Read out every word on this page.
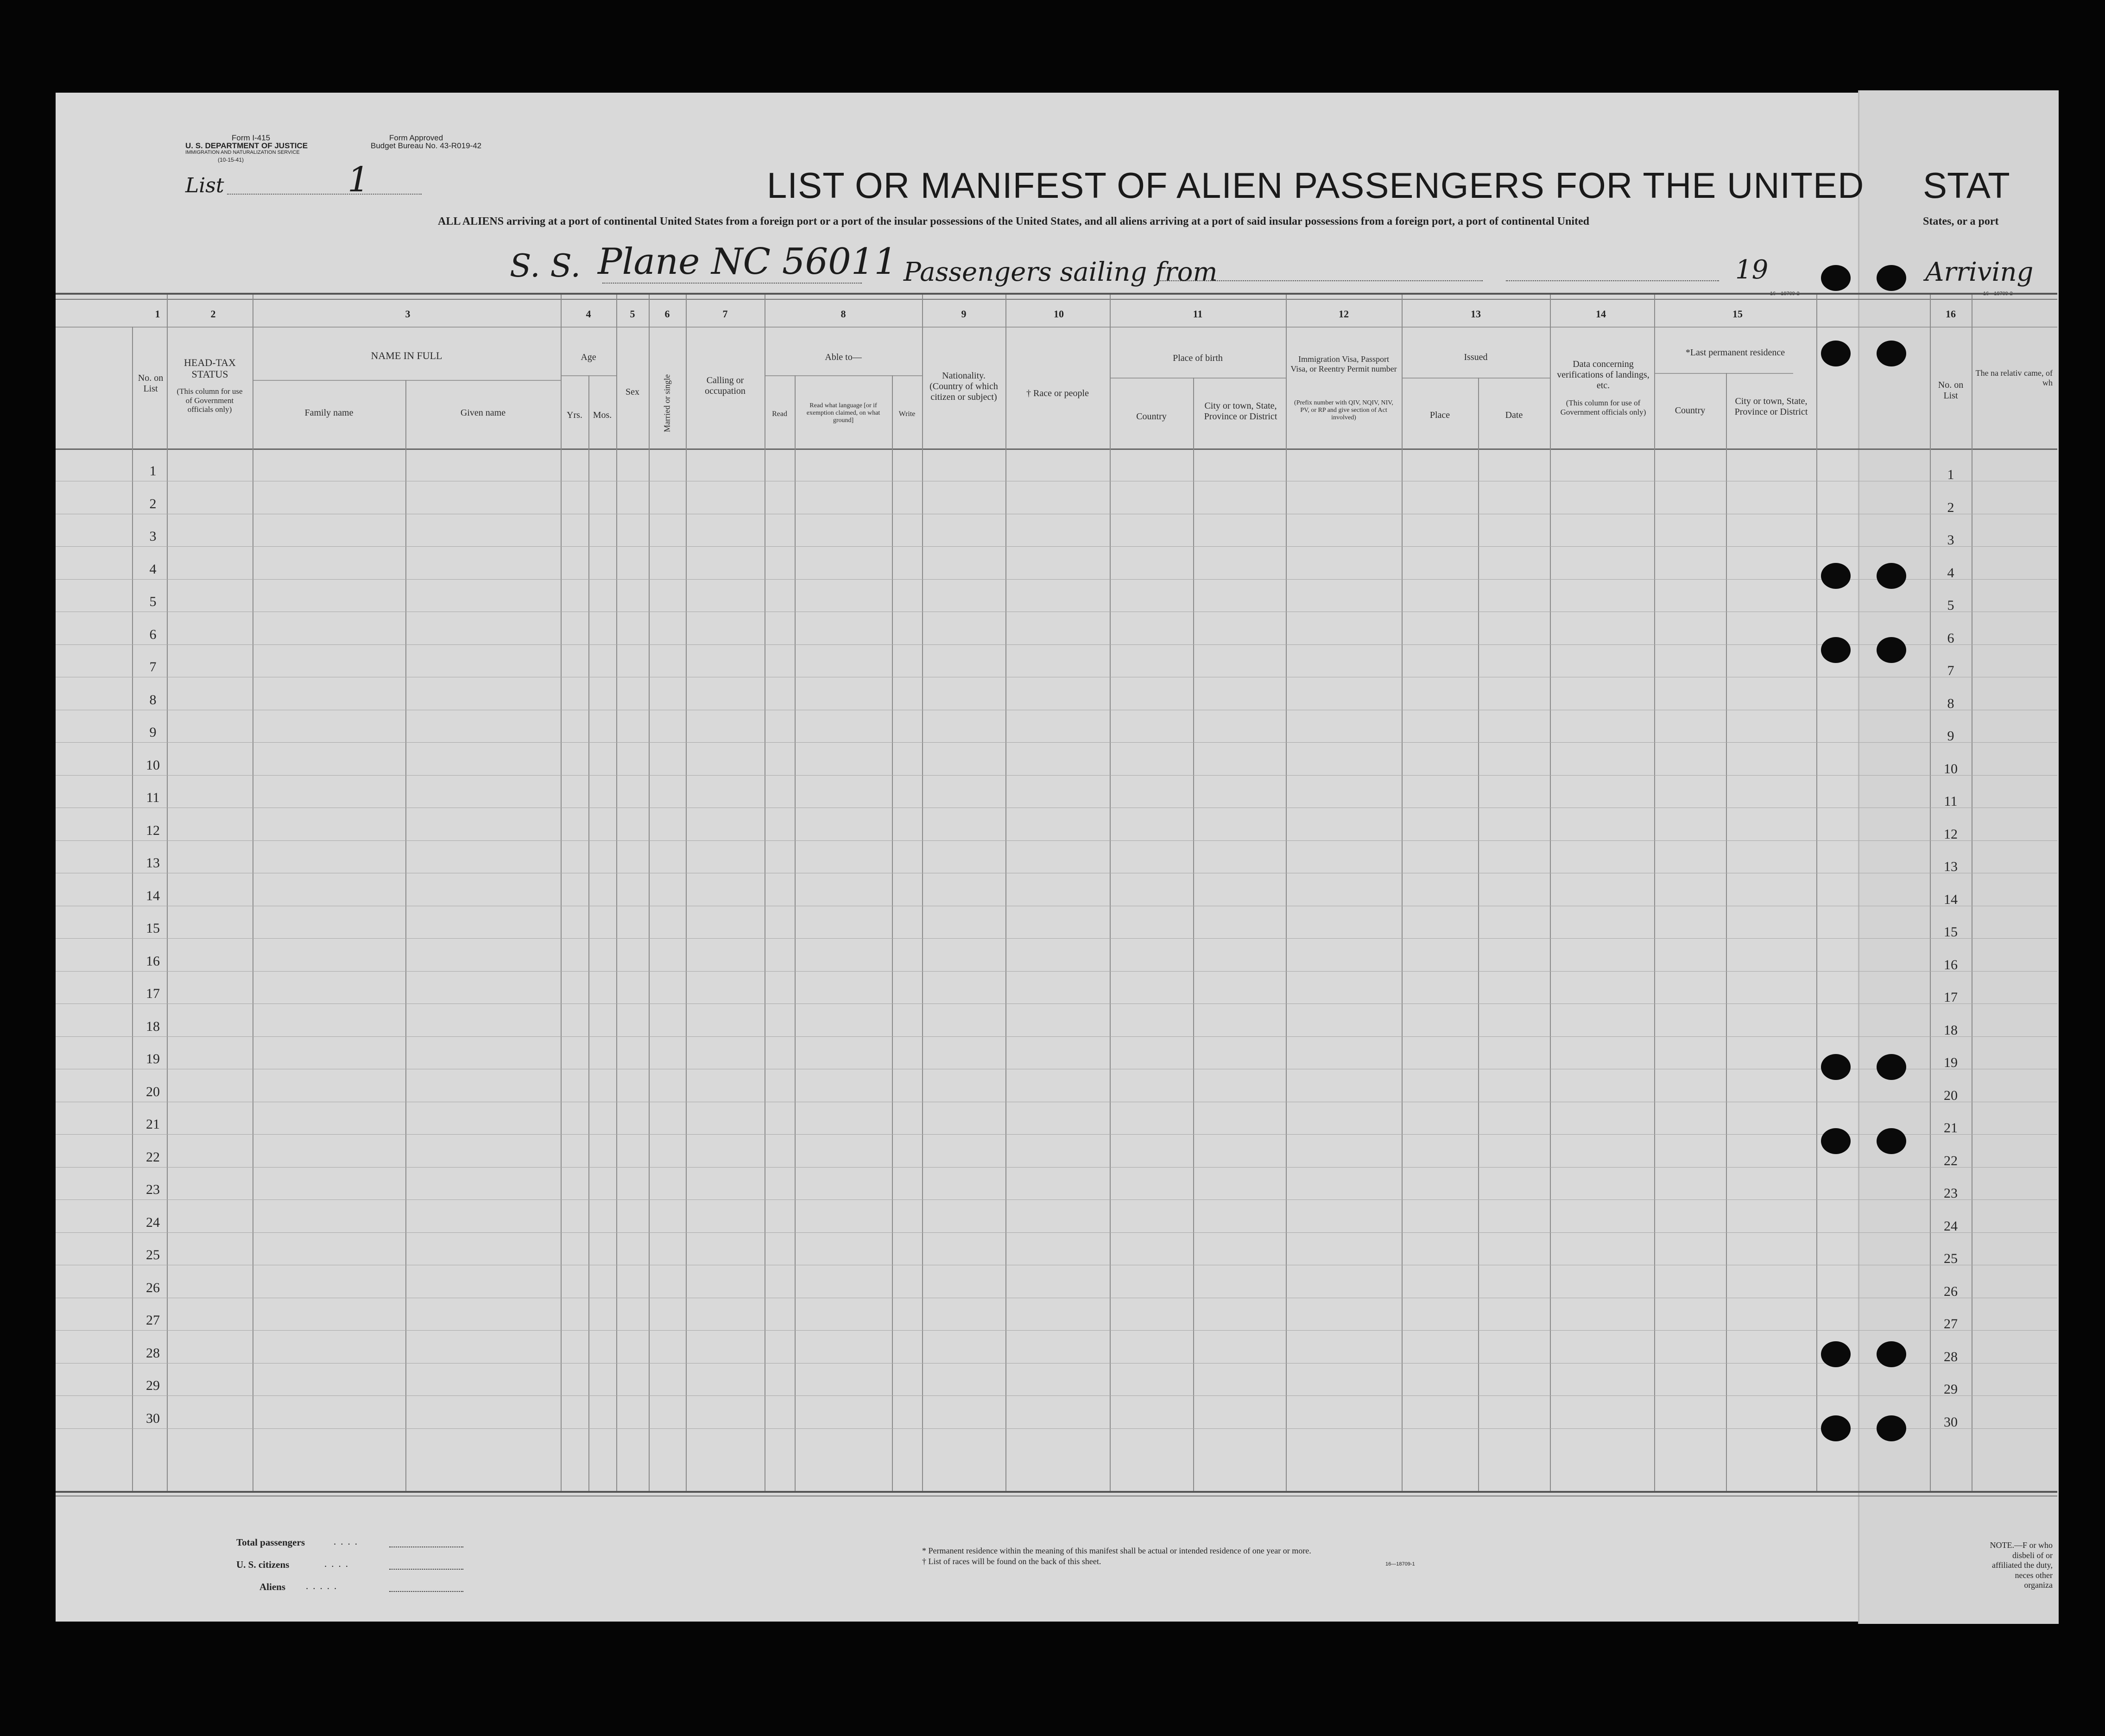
Form I-415
U. S. DEPARTMENT OF JUSTICE
IMMIGRATION AND NATURALIZATION SERVICE
(10-15-41)
Form Approved
Budget Bureau No. 43-R019-42
List	1	LIST OR MANIFEST OF ALIEN PASSENGERS FOR THE UNITED STAT
ALL ALIENS arriving at a port of continental United States from a foreign port or a port of the insular possessions of the United States, and all aliens arriving at a port of said insular possessions from a foreign port, a port of continental United	States, or a port
S. S. Plane NC 56011 Passengers sailing from	19	Arriving
1	2	3	4	5	6	7	8	9	10	11	12	13	14	15	16
No. on List
HEAD-TAX STATUS
(This column for use of Government officials only)
NAME IN FULL
Family name	Given name
Age
Yrs.	Mos.
Sex	Married or single	Calling or occupation
Able to—
Read
Read what language [or if exemption claimed, on what ground]
Write
Nationality. (Country of which citizen or subject)	† Race or people
Place of birth
Country
City or town, State, Province or District
Immigration Visa, Passport Visa, or Reentry Permit number
(Prefix number with QIV, NQIV, NIV, PV, or RP and give section of Act involved)
Issued
Place	Date
Data concerning verifications of landings, etc.
(This column for use of Government officials only)
*Last permanent residence
Country
City or town, State, Province or District
No. on List
The na relativ came, of wh
1	1
2	2
3	3
4	4
5	5
6	6
7	7
8	8
9	9
10	10
11	11
12	12
13	13
14	14
15	15
16	16
17	17
18	18
19	19
20	20
21	21
22	22
23	23
24	24
25	25
26	26
27	27
28	28
29	29
30	30
Total passengers	....
U. S. citizens	....
Aliens .....
* Permanent residence within the meaning of this manifest shall be actual or intended residence of one year or more.
† List of races will be found on the back of this sheet.	16—18709-1
NOTE.—F or who disbeli of or affiliated the duty, neces other organiza
